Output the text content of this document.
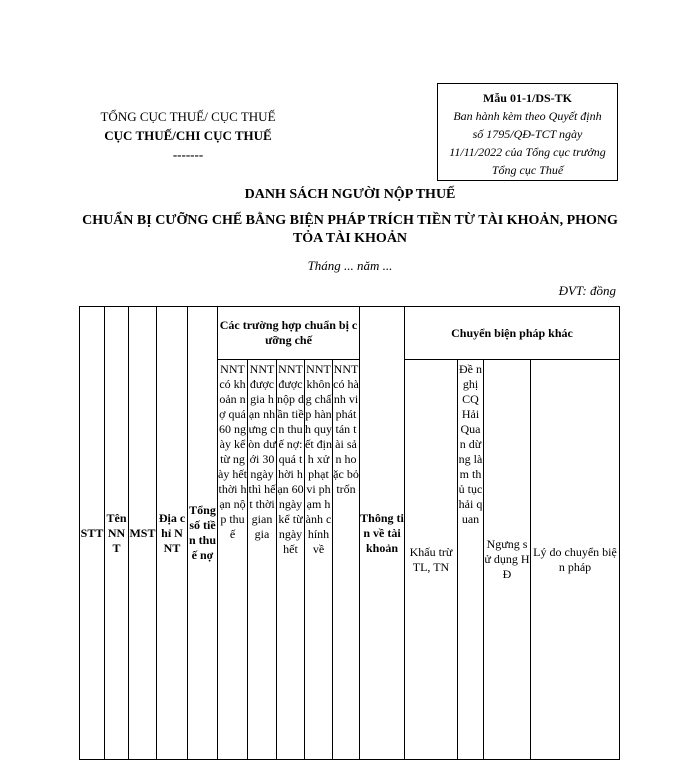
TỔNG CỤC THUẾ/ CỤC THUẾ
CỤC THUẾ/CHI CỤC THUẾ
-------
Mẫu 01-1/DS-TK
Ban hành kèm theo Quyết định
số 1795/QĐ-TCT ngày
11/11/2022 của Tổng cục trưởng
Tổng cục Thuế
DANH SÁCH NGƯỜI NỘP THUẾ
CHUẨN BỊ CƯỠNG CHẾ BẰNG BIỆN PHÁP TRÍCH TIỀN TỪ TÀI KHOẢN, PHONG TỎA TÀI KHOẢN
Tháng ... năm ...
ĐVT: đồng
STT	Tên NNT	MST	Địa chỉ NNT	Tổng số tiền thuế nợ	Các trường hợp chuẩn bị cưỡng chế					Thông tin về tài khoản	Chuyển biện pháp khác			
					NNT có khoản nợ quá 60 ngày kể từ ngày hết thời hạn nộp thuế	NNT được gia hạn nhưng còn dưới 30 ngày thì hết thời gian gia	NNT được nộp dần tiền thuế nợ: quá thời hạn 60 ngày kể từ ngày hết	NNT không chấp hành quyết định xử phạt vi phạm hành chính về	NNT có hành vi phát tán tài sản hoặc bỏ trốn		Khấu trừ TL, TN	Đề nghị CQ Hải Quan dừng làm thủ tục hải quan	Ngưng sử dụng HĐ	Lý do chuyển biện pháp
